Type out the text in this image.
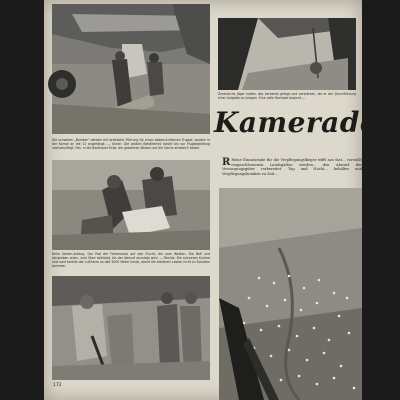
Die schweren „Bomber“ denken mit breitester Führung für einen abbeschnittenen Truppe, werden in der Kampf an die 11 angehängt. — Unten: Die großen Behälterteil steckt bis vor Flugbegleitung nachverpflegt. Pos. in die Boothome Ecke, die gesamten Wissen auf die Gerne erheblich heben.
Zentralichs Jäger hatten das Vorbereit gelegt und verstärken, bis er der Durchführung einer Aufgabe zu kriegen. Eine volle Rochade beginnt —
Kameraden
R Reine Einsatzende für die Verpflegungsflieger trifft aus fast... vorstellt eingeschlossenen Landsgäften werden... den Abwurf der Versorgungsgüter vorbereitet. Tag und Nacht... behälter und Verpflegungsbomben zu Zeit...
Beim Karten-Anfang. Der Pod der Fahrerroute auf den Flucht, die vom Weißen. Die Befl und Abspraken anlen, zum Start befristet, bis der Abwurf anzulegt wird. — Rechts: Die schweren Kuriere sind weit bereits der Luftherrn so daß 2000 Meter hinab, damit die breiteren Lasten nicht zu Schaden kommen.
172
